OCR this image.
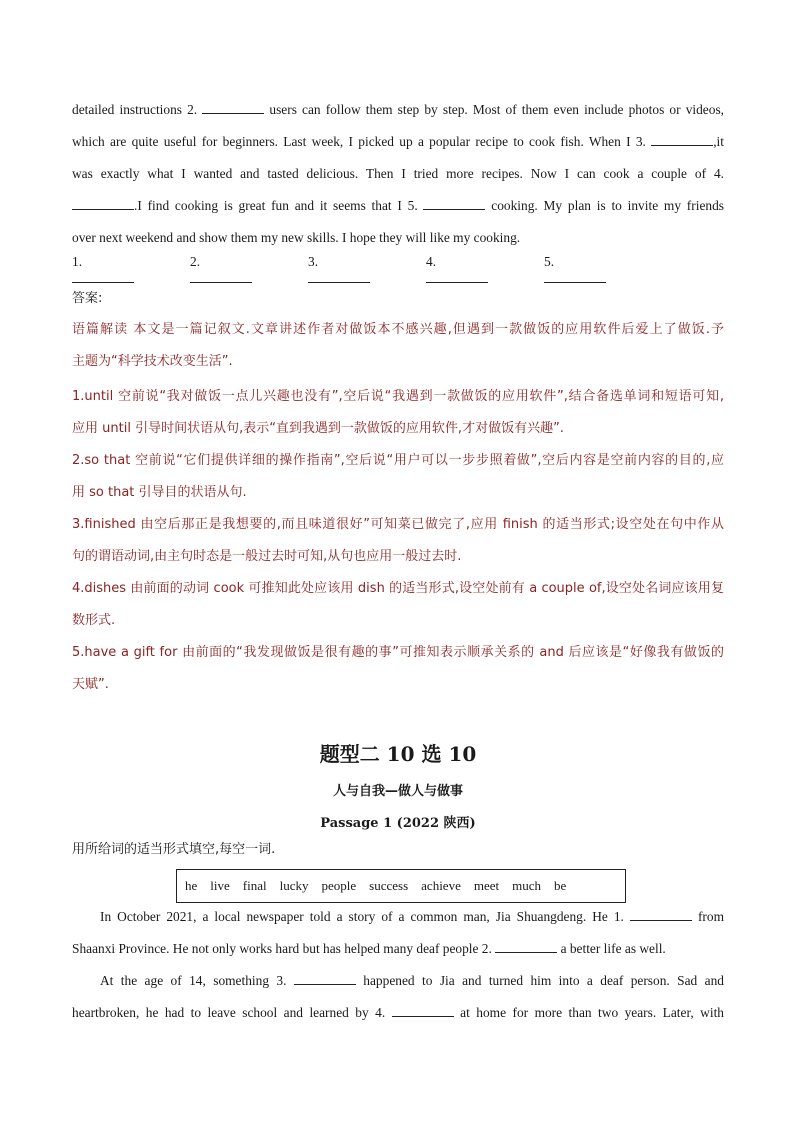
detailed instructions 2.	users can follow them step by step. Most of them even include photos or videos,
which are quite useful for beginners. Last week, I picked up a popular recipe to cook fish. When I 3.	,it
was exactly what I wanted and tasted delicious. Then I tried more recipes. Now I can cook a couple of 4.
.I find cooking is great fun and it seems that I 5.	cooking. My plan is to invite my friends
over next weekend and show them my new skills. I hope they will like my cooking.
1.	2.	3.	4.	5.
答案:
语篇解读 本文是一篇记叙文.文章讲述作者对做饭本不感兴趣,但遇到一款做饭的应用软件后爱上了做饭.予
主题为“科学技术改变生活”.
1.until 空前说“我对做饭一点儿兴趣也没有”,空后说“我遇到一款做饭的应用软件”,结合备选单词和短语可知,
应用 until 引导时间状语从句,表示“直到我遇到一款做饭的应用软件,才对做饭有兴趣”.
2.so that 空前说“它们提供详细的操作指南”,空后说“用户可以一步步照着做”,空后内容是空前内容的目的,应
用 so that 引导目的状语从句.
3.finished 由空后那正是我想要的,而且味道很好”可知菜已做完了,应用 finish 的适当形式;设空处在句中作从
句的谓语动词,由主句时态是一般过去时可知,从句也应用一般过去时.
4.dishes 由前面的动词 cook 可推知此处应该用 dish 的适当形式,设空处前有 a couple of,设空处名词应该用复
数形式.
5.have a gift for 由前面的“我发现做饭是很有趣的事”可推知表示顺承关系的 and 后应该是“好像我有做饭的
天赋”.
题型二 10 选 10
人与自我—做人与做事
Passage 1 (2022 陕西)
用所给词的适当形式填空,每空一词.
he live final lucky people success achieve meet much be
In October 2021, a local newspaper told a story of a common man, Jia Shuangdeng. He 1.	from
Shaanxi Province. He not only works hard but has helped many deaf people 2.	a better life as well.
At the age of 14, something 3.	happened to Jia and turned him into a deaf person. Sad and
heartbroken, he had to leave school and learned by 4.	at home for more than two years. Later, with
